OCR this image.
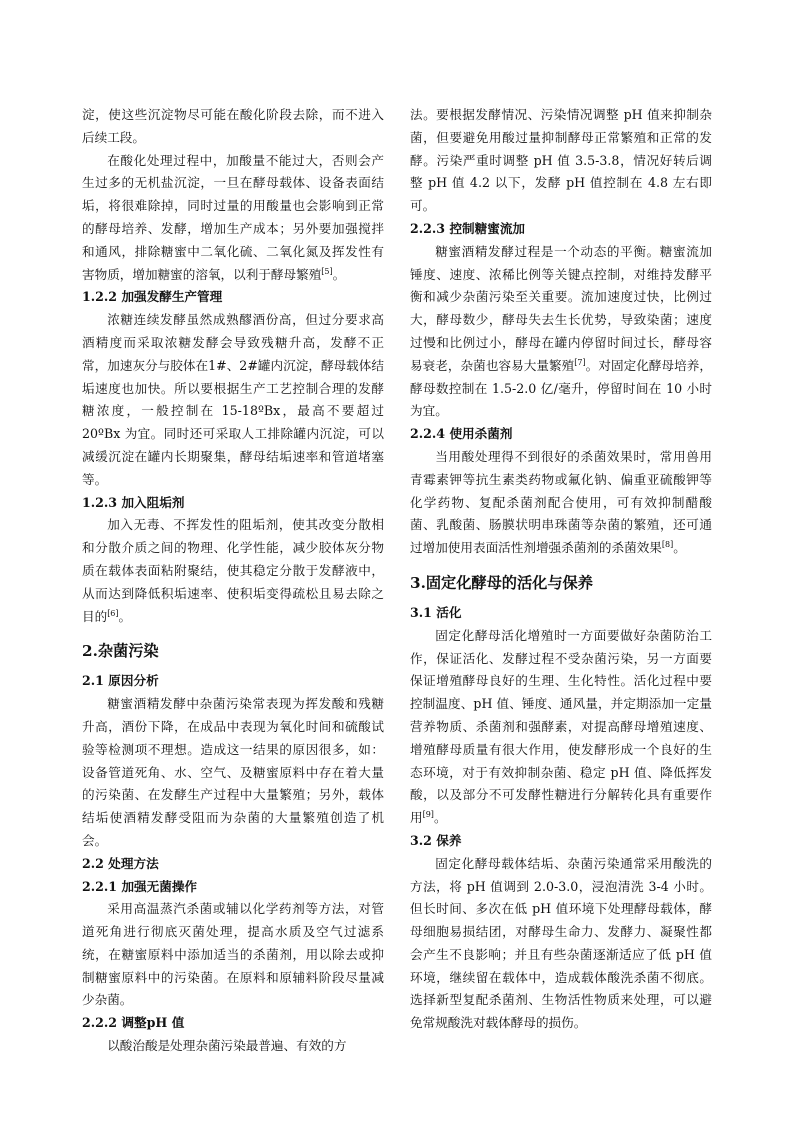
淀，使这些沉淀物尽可能在酸化阶段去除，而不进入后续工段。

在酸化处理过程中，加酸量不能过大，否则会产生过多的无机盐沉淀，一旦在酵母载体、设备表面结垢，将很难除掉，同时过量的用酸量也会影响到正常的酵母培养、发酵，增加生产成本；另外要加强搅拌和通风，排除糖蜜中二氧化硫、二氧化氮及挥发性有害物质，增加糖蜜的溶氧，以利于酵母繁殖[5]。

1.2.2 加强发酵生产管理

浓糖连续发酵虽然成熟醪酒份高，但过分要求高酒精度而采取浓糖发酵会导致残糖升高，发酵不正常，加速灰分与胶体在1#、2#罐内沉淀，酵母载体结垢速度也加快。所以要根据生产工艺控制合理的发酵糖浓度，一般控制在 15-18ºBx，最高不要超过 20ºBx 为宜。同时还可采取人工排除罐内沉淀，可以减缓沉淀在罐内长期聚集，酵母结垢速率和管道堵塞等。

1.2.3 加入阻垢剂

加入无毒、不挥发性的阻垢剂，使其改变分散相和分散介质之间的物理、化学性能，减少胶体灰分物质在载体表面粘附聚结，使其稳定分散于发酵液中，从而达到降低积垢速率、使积垢变得疏松且易去除之目的[6]。

2.杂菌污染
2.1 原因分析

糖蜜酒精发酵中杂菌污染常表现为挥发酸和残糖升高，酒份下降，在成品中表现为氧化时间和硫酸试验等检测项不理想。造成这一结果的原因很多，如：设备管道死角、水、空气、及糖蜜原料中存在着大量的污染菌、在发酵生产过程中大量繁殖；另外，载体结垢使酒精发酵受阻而为杂菌的大量繁殖创造了机会。

2.2 处理方法
2.2.1 加强无菌操作

采用高温蒸汽杀菌或辅以化学药剂等方法，对管道死角进行彻底灭菌处理，提高水质及空气过滤系统，在糖蜜原料中添加适当的杀菌剂，用以除去或抑制糖蜜原料中的污染菌。在原料和原辅料阶段尽量减少杂菌。

2.2.2 调整pH 值

以酸治酸是处理杂菌污染最普遍、有效的方

法。要根据发酵情况、污染情况调整 pH 值来抑制杂菌，但要避免用酸过量抑制酵母正常繁殖和正常的发酵。污染严重时调整 pH 值 3.5-3.8，情况好转后调整 pH 值 4.2 以下，发酵 pH 值控制在 4.8 左右即可。

2.2.3 控制糖蜜流加

糖蜜酒精发酵过程是一个动态的平衡。糖蜜流加锤度、速度、浓稀比例等关键点控制，对维持发酵平衡和减少杂菌污染至关重要。流加速度过快，比例过大，酵母数少，酵母失去生长优势，导致染菌；速度过慢和比例过小，酵母在罐内停留时间过长，酵母容易衰老，杂菌也容易大量繁殖[7]。对固定化酵母培养，酵母数控制在 1.5-2.0 亿/毫升，停留时间在 10 小时为宜。

2.2.4 使用杀菌剂

当用酸处理得不到很好的杀菌效果时，常用兽用青霉素钾等抗生素类药物或氟化钠、偏重亚硫酸钾等化学药物、复配杀菌剂配合使用，可有效抑制醋酸菌、乳酸菌、肠膜状明串珠菌等杂菌的繁殖，还可通过增加使用表面活性剂增强杀菌剂的杀菌效果[8]。

3.固定化酵母的活化与保养
3.1 活化

固定化酵母活化增殖时一方面要做好杂菌防治工作，保证活化、发酵过程不受杂菌污染，另一方面要保证增殖酵母良好的生理、生化特性。活化过程中要控制温度、pH 值、锤度、通风量，并定期添加一定量营养物质、杀菌剂和强酵素，对提高酵母增殖速度、增殖酵母质量有很大作用，使发酵形成一个良好的生态环境，对于有效抑制杂菌、稳定 pH 值、降低挥发酸，以及部分不可发酵性糖进行分解转化具有重要作用[9]。

3.2 保养

固定化酵母载体结垢、杂菌污染通常采用酸洗的方法，将 pH 值调到 2.0-3.0，浸泡清洗 3-4 小时。但长时间、多次在低 pH 值环境下处理酵母载体，酵母细胞易损结团，对酵母生命力、发酵力、凝聚性都会产生不良影响；并且有些杂菌逐渐适应了低 pH 值环境，继续留在载体中，造成载体酸洗杀菌不彻底。选择新型复配杀菌剂、生物活性物质来处理，可以避免常规酸洗对载体酵母的损伤。
